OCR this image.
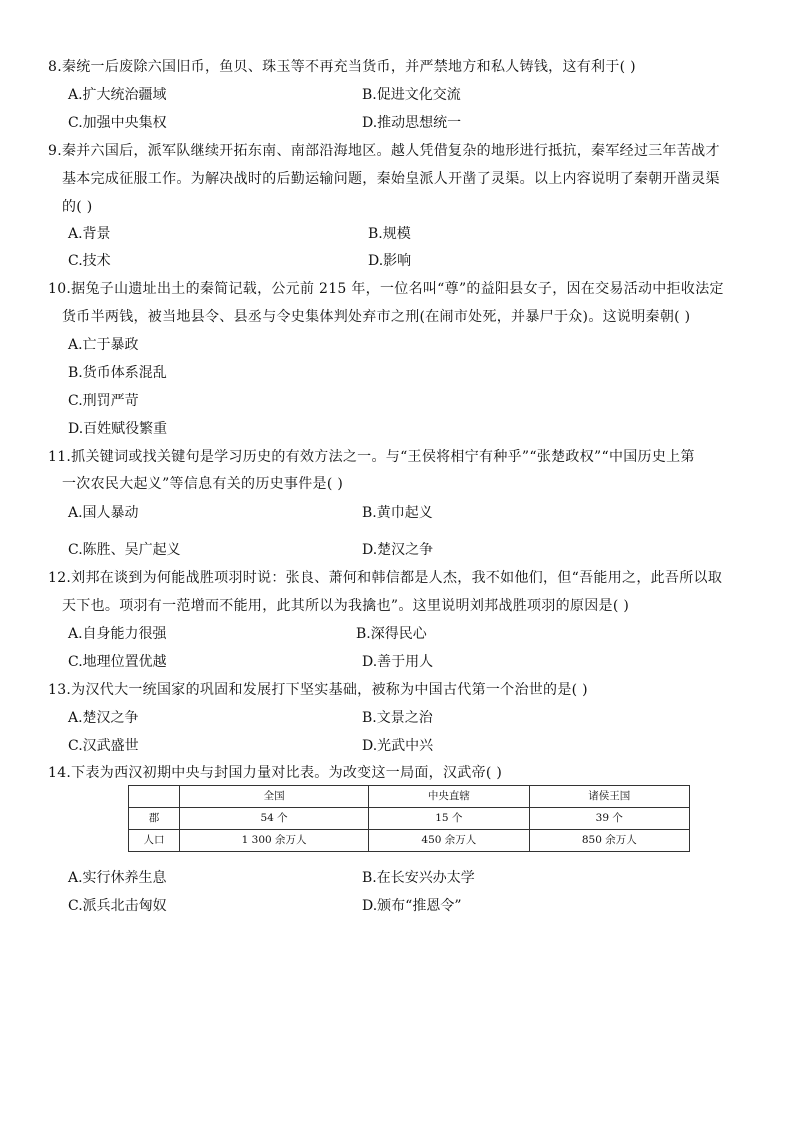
8.秦统一后废除六国旧币，鱼贝、珠玉等不再充当货币，并严禁地方和私人铸钱，这有利于( )
A.扩大统治疆域	B.促进文化交流
C.加强中央集权	D.推动思想统一
9.秦并六国后，派军队继续开拓东南、南部沿海地区。越人凭借复杂的地形进行抵抗，秦军经过三年苦战才
基本完成征服工作。为解决战时的后勤运输问题，秦始皇派人开凿了灵渠。以上内容说明了秦朝开凿灵渠
的( )
A.背景	B.规模
C.技术	D.影响
10.据兔子山遗址出土的秦简记载，公元前 215 年，一位名叫“尊”的益阳县女子，因在交易活动中拒收法定
货币半两钱，被当地县令、县丞与令史集体判处弃市之刑(在闹市处死，并暴尸于众)。这说明秦朝( )
A.亡于暴政
B.货币体系混乱
C.刑罚严苛
D.百姓赋役繁重
11.抓关键词或找关键句是学习历史的有效方法之一。与“王侯将相宁有种乎”“张楚政权”“中国历史上第
一次农民大起义”等信息有关的历史事件是( )
A.国人暴动	B.黄巾起义
C.陈胜、吴广起义	D.楚汉之争
12.刘邦在谈到为何能战胜项羽时说：张良、萧何和韩信都是人杰，我不如他们，但“吾能用之，此吾所以取
天下也。项羽有一范增而不能用，此其所以为我擒也”。这里说明刘邦战胜项羽的原因是( )
A.自身能力很强	B.深得民心
C.地理位置优越	D.善于用人
13.为汉代大一统国家的巩固和发展打下坚实基础，被称为中国古代第一个治世的是( )
A.楚汉之争	B.文景之治
C.汉武盛世	D.光武中兴
14.下表为西汉初期中央与封国力量对比表。为改变这一局面，汉武帝( )
	全国	中央直辖	诸侯王国
郡	54 个	15 个	39 个
人口	1 300 余万人	450 余万人	850 余万人
A.实行休养生息	B.在长安兴办太学
C.派兵北击匈奴	D.颁布“推恩令”
